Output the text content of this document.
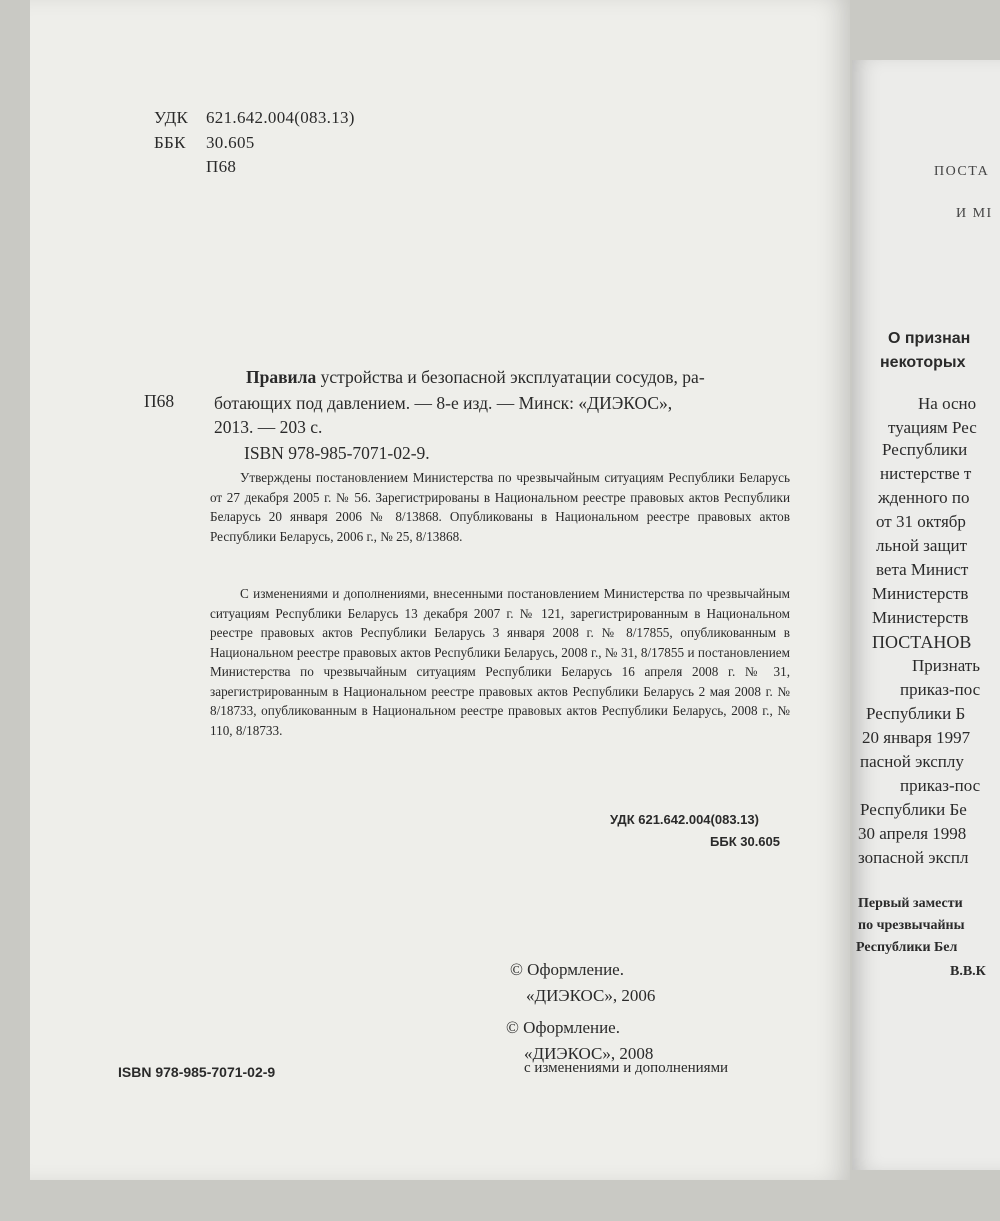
УДК 621.642.004(083.13)
ББК 30.605
П68
П68
Правила устройства и безопасной эксплуатации сосудов, ра-
ботающих под давлением. — 8-е изд. — Минск: «ДИЭКОС»,
2013. — 203 с.
ISBN 978-985-7071-02-9.
Утверждены постановлением Министерства по чрезвычайным ситуациям Республики Беларусь от 27 декабря 2005 г. № 56. Зарегистрированы в Национальном реестре правовых актов Республики Беларусь 20 января 2006 № 8/13868. Опубликованы в Национальном реестре правовых актов Республики Беларусь, 2006 г., № 25, 8/13868.
С изменениями и дополнениями, внесенными постановлением Министерства по чрезвычайным ситуациям Республики Беларусь 13 декабря 2007 г. № 121, зарегистрированным в Национальном реестре правовых актов Республики Беларусь 3 января 2008 г. № 8/17855, опубликованным в Национальном реестре правовых актов Республики Беларусь, 2008 г., № 31, 8/17855 и постановлением Министерства по чрезвычайным ситуациям Республики Беларусь 16 апреля 2008 г. № 31, зарегистрированным в Национальном реестре правовых актов Республики Беларусь 2 мая 2008 г. № 8/18733, опубликованным в Национальном реестре правовых актов Республики Беларусь, 2008 г., № 110, 8/18733.
УДК 621.642.004(083.13)
ББК 30.605
© Оформление.
«ДИЭКОС», 2006
© Оформление.
«ДИЭКОС», 2008
с изменениями и дополнениями
ISBN 978-985-7071-02-9
ПОСТА
И МІ
О признан
некоторых
На осно
туациям Рес
Республики
нистерстве т
жденного по
от 31 октябр
льной защит
вета Минист
Министерств
Министерств
ПОСТАНОВ
Признать
приказ-пос
Республики Б
20 января 1997
пасной эксплу
приказ-пос
Республики Бе
30 апреля 1998
зопасной экспл
Первый замести
по чрезвычайны
Республики Бел
В.В.К
